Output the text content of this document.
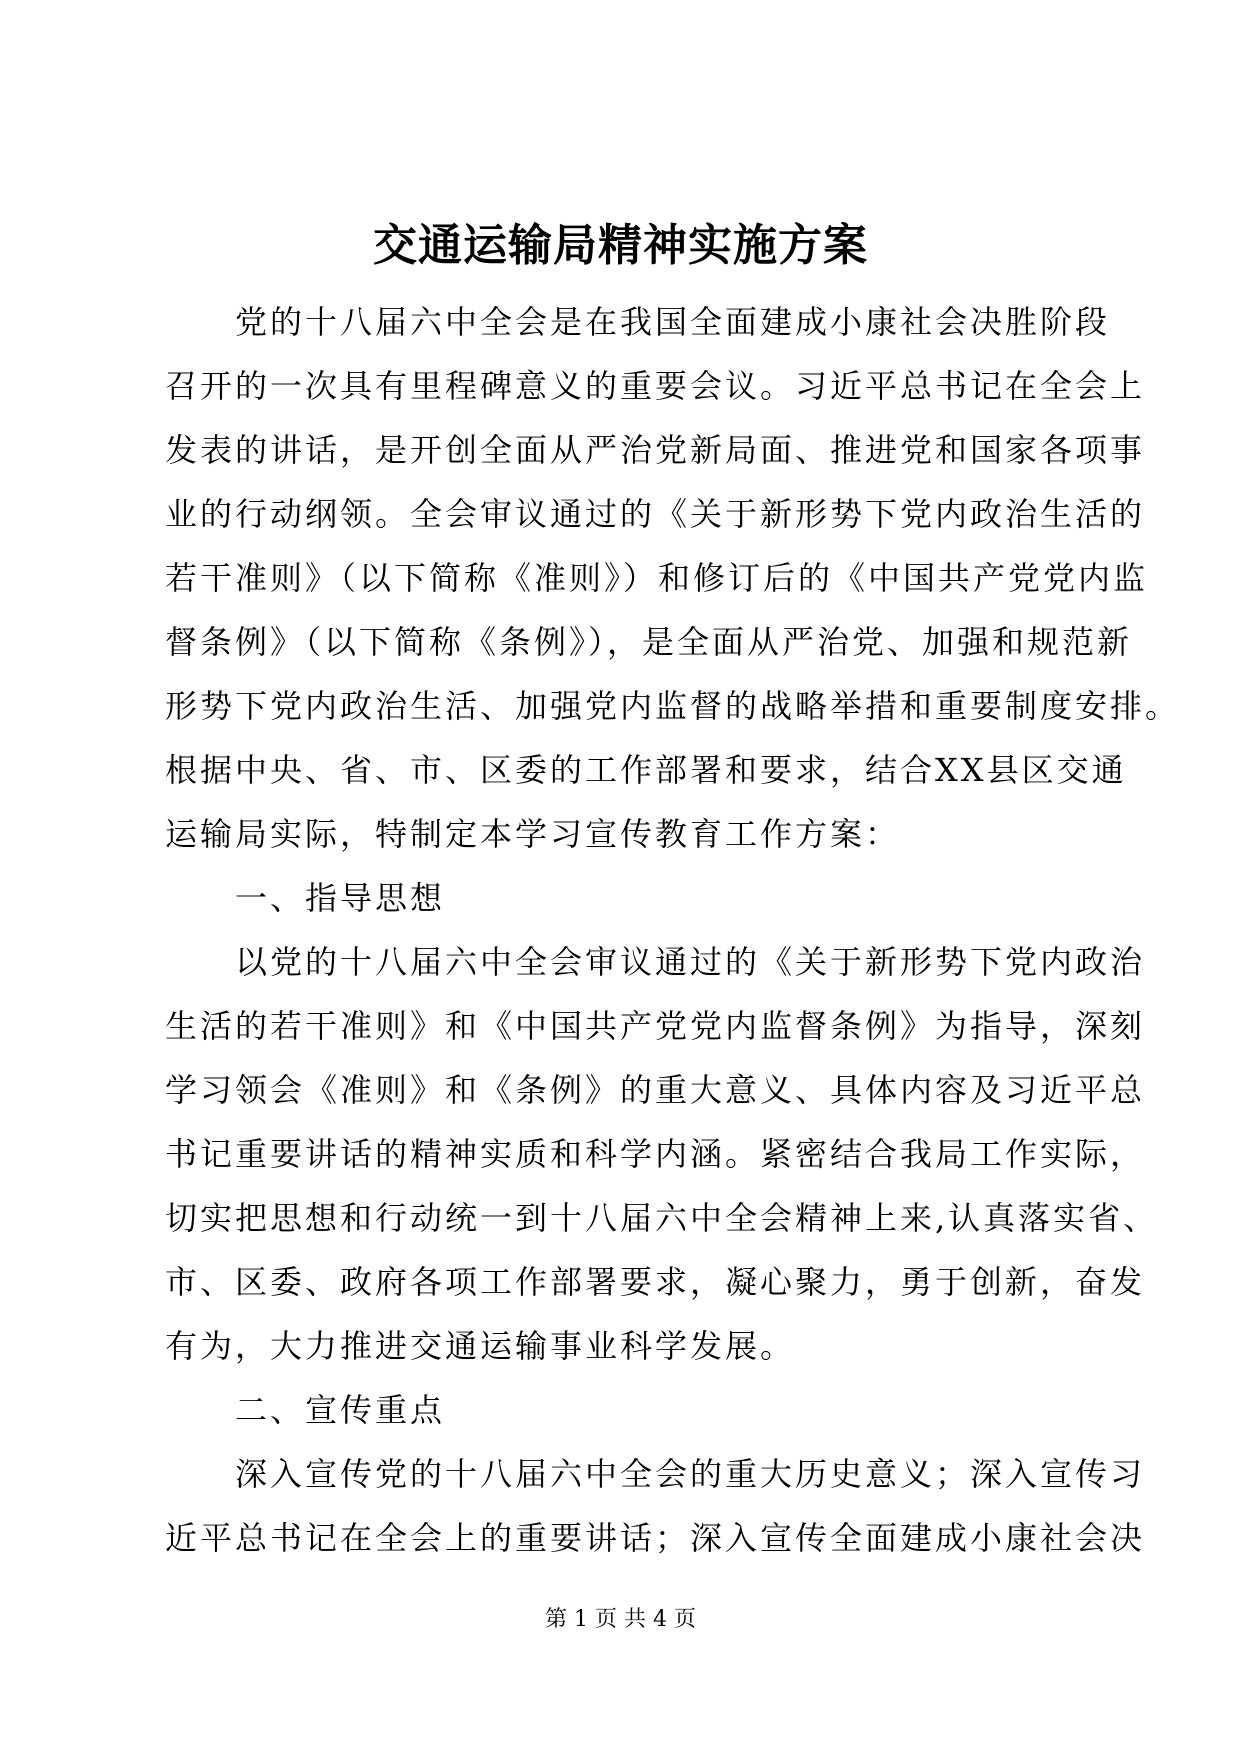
交通运输局精神实施方案
党的十八届六中全会是在我国全面建成小康社会决胜阶段
召开的一次具有里程碑意义的重要会议。习近平总书记在全会上
发表的讲话，是开创全面从严治党新局面、推进党和国家各项事
业的行动纲领。全会审议通过的《关于新形势下党内政治生活的
若干准则》（以下简称《准则》）和修订后的《中国共产党党内监
督条例》（以下简称《条例》），是全面从严治党、加强和规范新
形势下党内政治生活、加强党内监督的战略举措和重要制度安排。
根据中央、省、市、区委的工作部署和要求，结合XX县区交通
运输局实际，特制定本学习宣传教育工作方案：
一、指导思想
以党的十八届六中全会审议通过的《关于新形势下党内政治
生活的若干准则》和《中国共产党党内监督条例》为指导，深刻
学习领会《准则》和《条例》的重大意义、具体内容及习近平总
书记重要讲话的精神实质和科学内涵。紧密结合我局工作实际，
切实把思想和行动统一到十八届六中全会精神上来,认真落实省、
市、区委、政府各项工作部署要求，凝心聚力，勇于创新，奋发
有为，大力推进交通运输事业科学发展。
二、宣传重点
深入宣传党的十八届六中全会的重大历史意义；深入宣传习
近平总书记在全会上的重要讲话；深入宣传全面建成小康社会决
第 1 页 共 4 页
